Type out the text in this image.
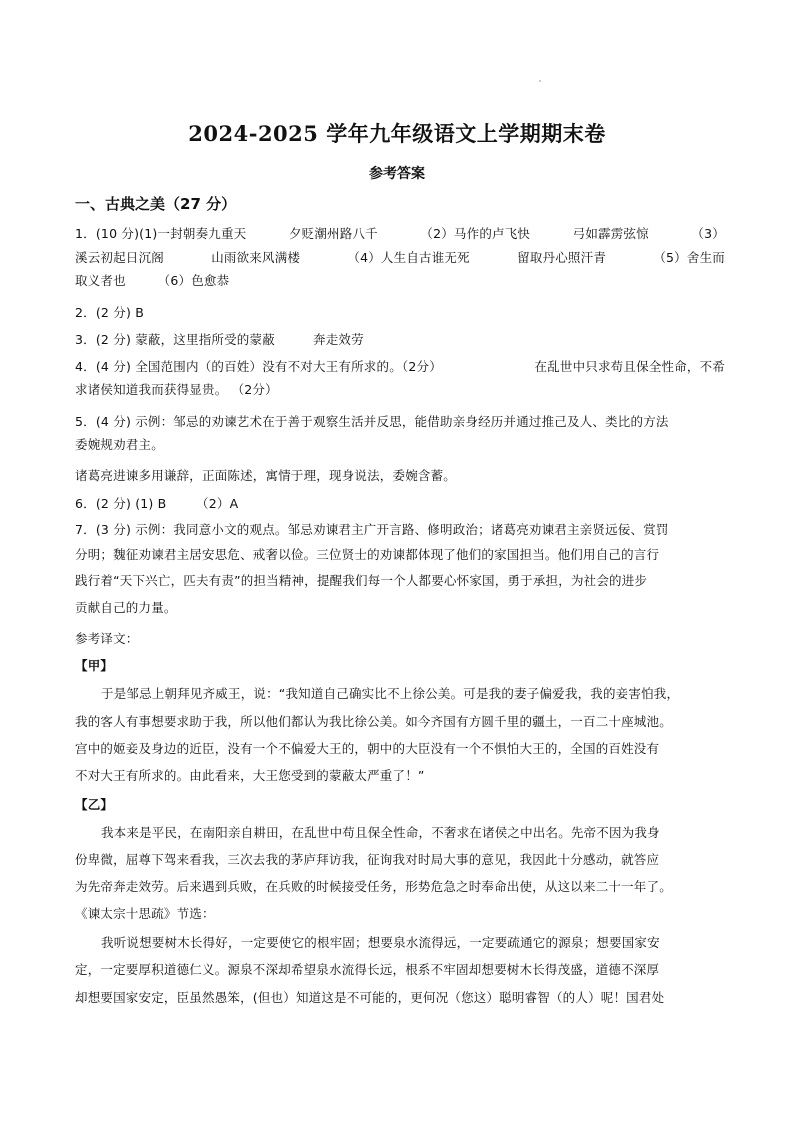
2024-2025 学年九年级语文上学期期末卷
参考答案
一、古典之美（27 分）
1．(10 分)(1)一封朝奏九重天	夕贬潮州路八千	（2）马作的卢飞快	弓如霹雳弦惊	（3）
溪云初起日沉阁	山雨欲来风满楼	（4）人生自古谁无死	留取丹心照汗青	（5）舍生而
取义者也　　　（6）色愈恭
2．(2 分) B
3．(2 分) 蒙蔽，这里指所受的蒙蔽　　　奔走效劳
4．(4 分) 全国范围内（的百姓）没有不对大王有所求的。（2分）	在乱世中只求苟且保全性命，不希
求诸侯知道我而获得显贵。 （2分）
5．(4 分) 示例：邹忌的劝谏艺术在于善于观察生活并反思，能借助亲身经历并通过推己及人、类比的方法
委婉规劝君主。
诸葛亮进谏多用谦辞，正面陈述，寓情于理，现身说法，委婉含蓄。
6．(2 分) (1) B　　 （2）A
7．(3 分) 示例：我同意小文的观点。邹忌劝谏君主广开言路、修明政治；诸葛亮劝谏君主亲贤远佞、赏罚
分明；魏征劝谏君主居安思危、戒奢以俭。三位贤士的劝谏都体现了他们的家国担当。他们用自己的言行
践行着“天下兴亡，匹夫有责”的担当精神，提醒我们每一个人都要心怀家国，勇于承担，为社会的进步
贡献自己的力量。
参考译文：
【甲】
于是邹忌上朝拜见齐威王，说：“我知道自己确实比不上徐公美。可是我的妻子偏爱我，我的妾害怕我，
我的客人有事想要求助于我，所以他们都认为我比徐公美。如今齐国有方圆千里的疆土，一百二十座城池。
宫中的姬妾及身边的近臣，没有一个不偏爱大王的，朝中的大臣没有一个不惧怕大王的，全国的百姓没有
不对大王有所求的。由此看来，大王您受到的蒙蔽太严重了！”
【乙】
我本来是平民，在南阳亲自耕田，在乱世中苟且保全性命，不奢求在诸侯之中出名。先帝不因为我身
份卑微，屈尊下驾来看我，三次去我的茅庐拜访我，征询我对时局大事的意见，我因此十分感动，就答应
为先帝奔走效劳。后来遇到兵败，在兵败的时候接受任务，形势危急之时奉命出使，从这以来二十一年了。
《谏太宗十思疏》节选：
我听说想要树木长得好，一定要使它的根牢固；想要泉水流得远，一定要疏通它的源泉；想要国家安
定，一定要厚积道德仁义。源泉不深却希望泉水流得长远，根系不牢固却想要树木长得茂盛，道德不深厚
却想要国家安定，臣虽然愚笨，(但也）知道这是不可能的，更何况（您这）聪明睿智（的人）呢！国君处
